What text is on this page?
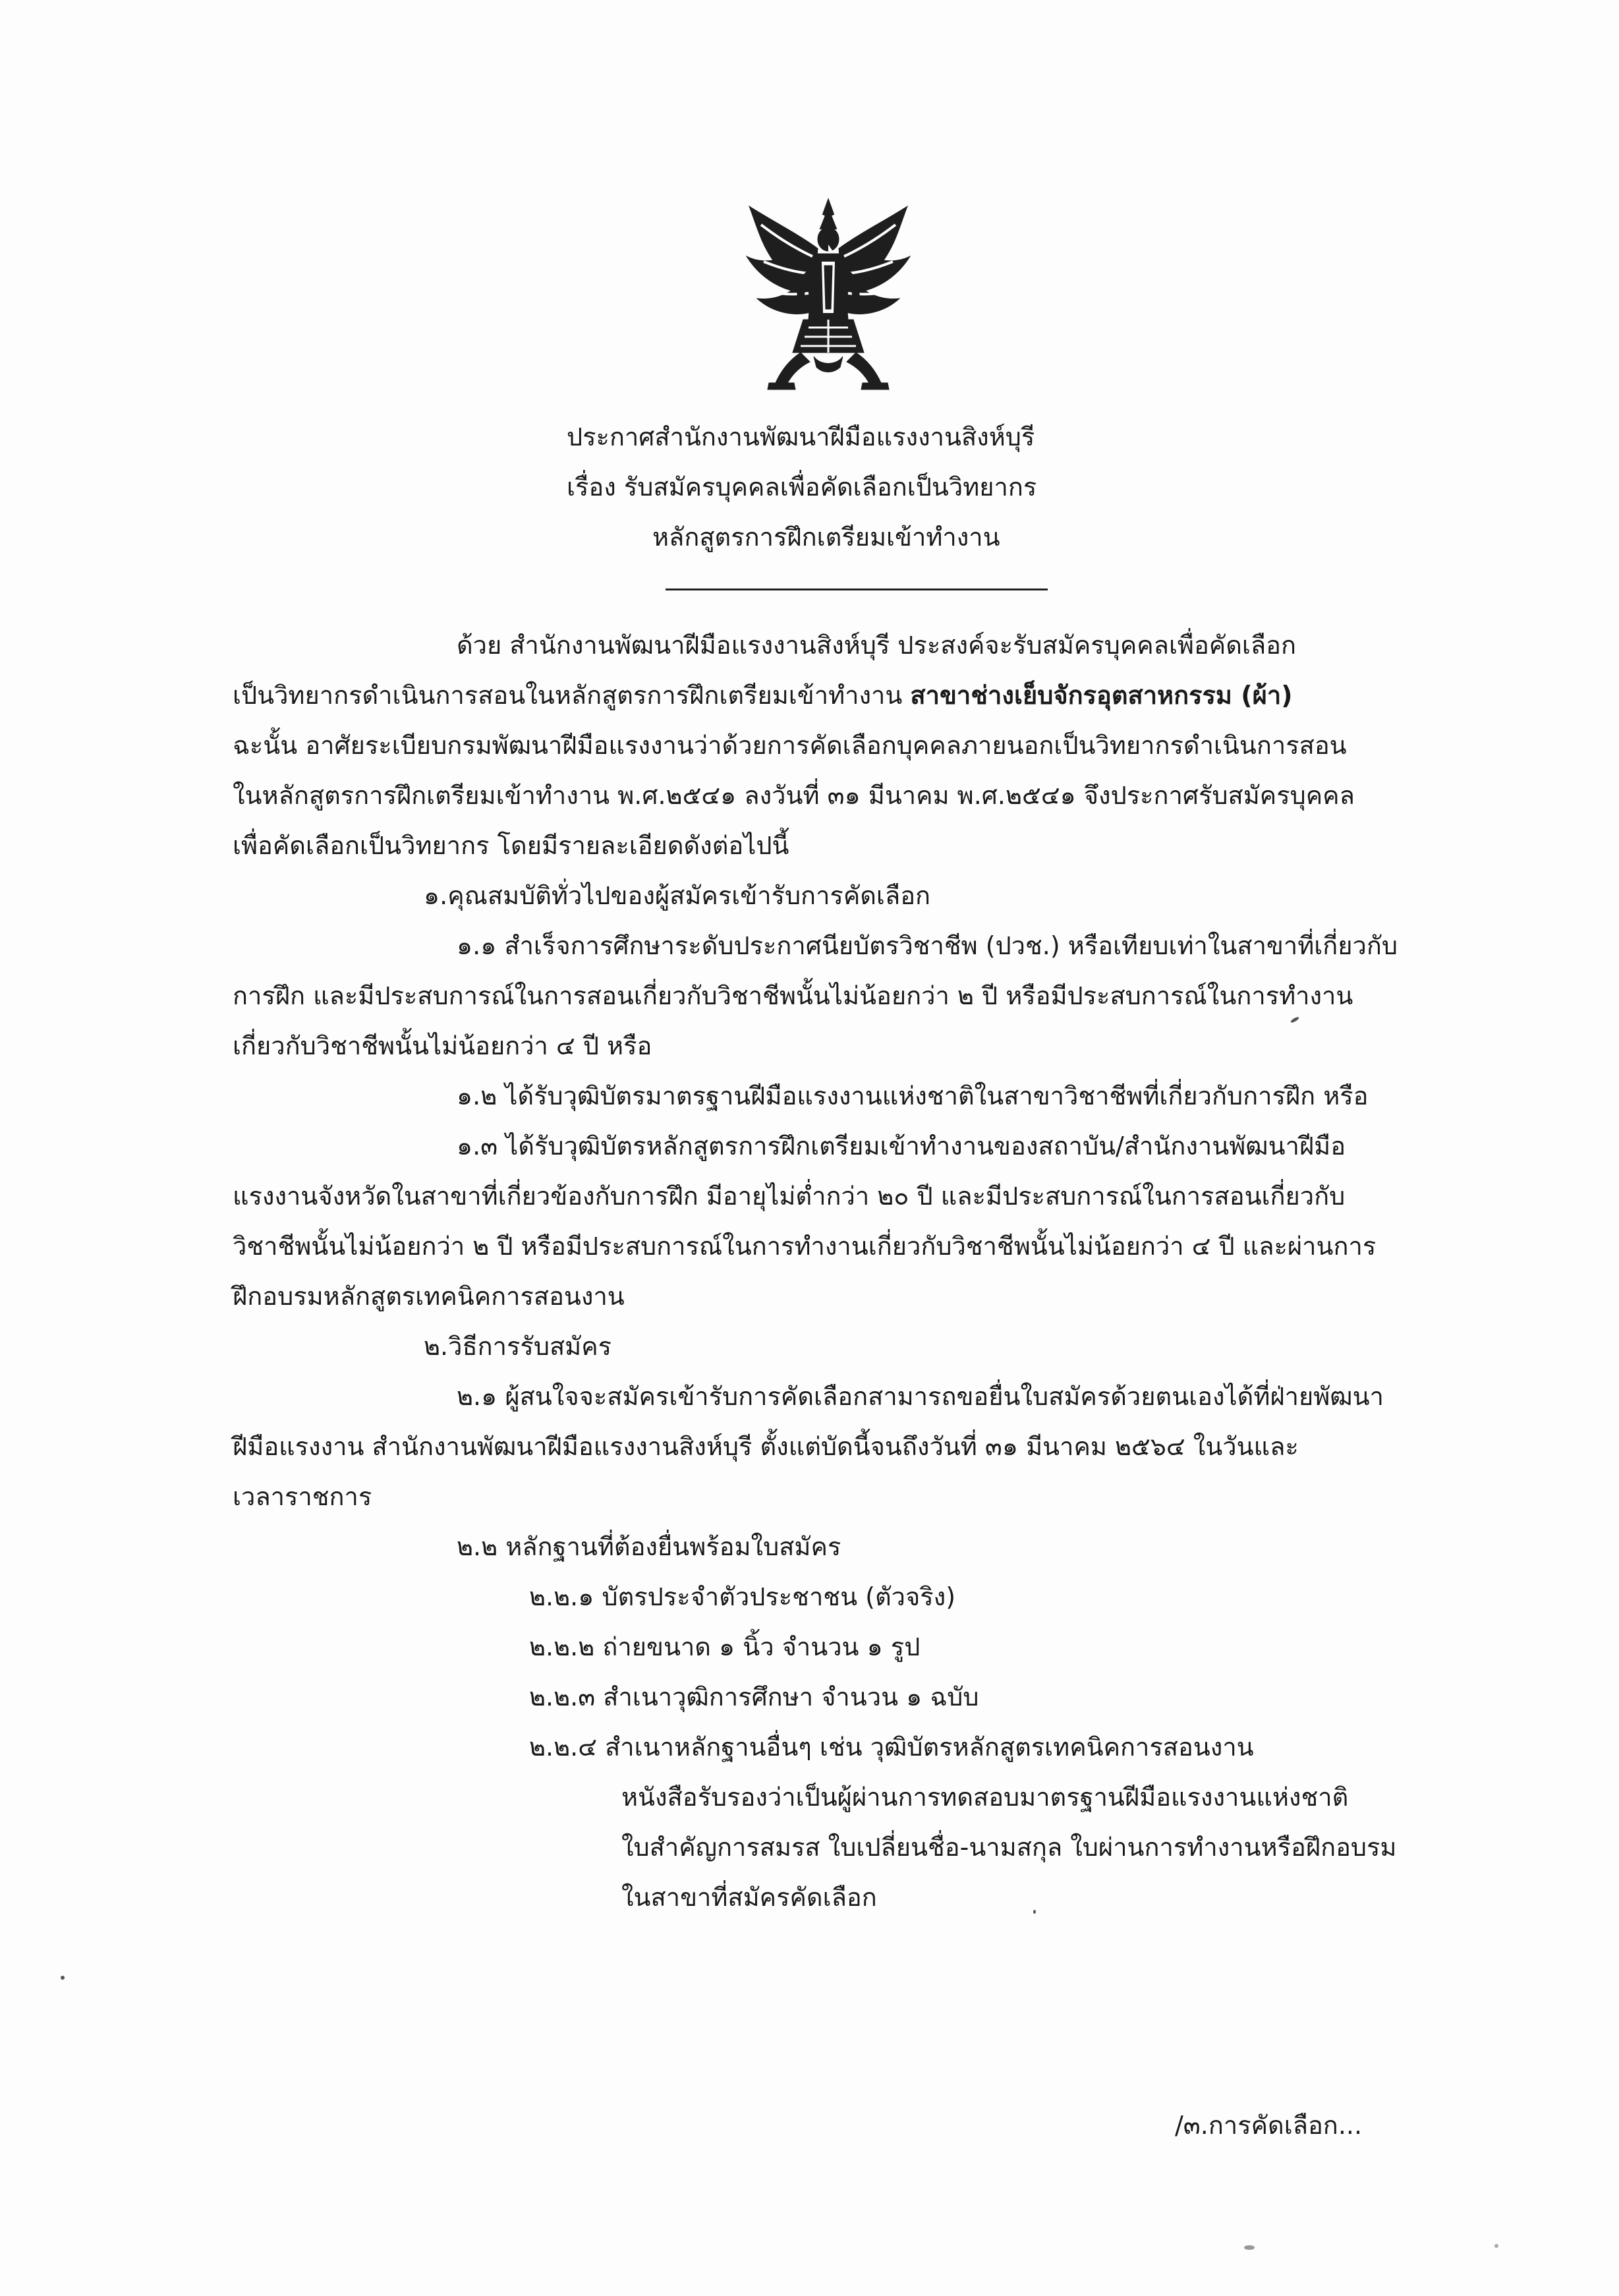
ประกาศสำนักงานพัฒนาฝีมือแรงงานสิงห์บุรี
เรื่อง รับสมัครบุคคลเพื่อคัดเลือกเป็นวิทยากร
หลักสูตรการฝึกเตรียมเข้าทำงาน
ด้วย สำนักงานพัฒนาฝีมือแรงงานสิงห์บุรี ประสงค์จะรับสมัครบุคคลเพื่อคัดเลือก
เป็นวิทยากรดำเนินการสอนในหลักสูตรการฝึกเตรียมเข้าทำงาน สาขาช่างเย็บจักรอุตสาหกรรม (ผ้า)
ฉะนั้น อาศัยระเบียบกรมพัฒนาฝีมือแรงงานว่าด้วยการคัดเลือกบุคคลภายนอกเป็นวิทยากรดำเนินการสอน
ในหลักสูตรการฝึกเตรียมเข้าทำงาน พ.ศ.๒๕๔๑ ลงวันที่ ๓๑ มีนาคม พ.ศ.๒๕๔๑ จึงประกาศรับสมัครบุคคล
เพื่อคัดเลือกเป็นวิทยากร โดยมีรายละเอียดดังต่อไปนี้
๑.คุณสมบัติทั่วไปของผู้สมัครเข้ารับการคัดเลือก
๑.๑ สำเร็จการศึกษาระดับประกาศนียบัตรวิชาชีพ (ปวช.) หรือเทียบเท่าในสาขาที่เกี่ยวกับ
การฝึก และมีประสบการณ์ในการสอนเกี่ยวกับวิชาชีพนั้นไม่น้อยกว่า ๒ ปี หรือมีประสบการณ์ในการทำงาน
เกี่ยวกับวิชาชีพนั้นไม่น้อยกว่า ๔ ปี หรือ
๑.๒ ได้รับวุฒิบัตรมาตรฐานฝีมือแรงงานแห่งชาติในสาขาวิชาชีพที่เกี่ยวกับการฝึก หรือ
๑.๓ ได้รับวุฒิบัตรหลักสูตรการฝึกเตรียมเข้าทำงานของสถาบัน/สำนักงานพัฒนาฝีมือ
แรงงานจังหวัดในสาขาที่เกี่ยวข้องกับการฝึก มีอายุไม่ต่ำกว่า ๒๐ ปี และมีประสบการณ์ในการสอนเกี่ยวกับ
วิชาชีพนั้นไม่น้อยกว่า ๒ ปี หรือมีประสบการณ์ในการทำงานเกี่ยวกับวิชาชีพนั้นไม่น้อยกว่า ๔ ปี และผ่านการ
ฝึกอบรมหลักสูตรเทคนิคการสอนงาน
๒.วิธีการรับสมัคร
๒.๑ ผู้สนใจจะสมัครเข้ารับการคัดเลือกสามารถขอยื่นใบสมัครด้วยตนเองได้ที่ฝ่ายพัฒนา
ฝีมือแรงงาน สำนักงานพัฒนาฝีมือแรงงานสิงห์บุรี ตั้งแต่บัดนี้จนถึงวันที่ ๓๑ มีนาคม ๒๕๖๔ ในวันและ
เวลาราชการ
๒.๒ หลักฐานที่ต้องยื่นพร้อมใบสมัคร
๒.๒.๑ บัตรประจำตัวประชาชน (ตัวจริง)
๒.๒.๒ ถ่ายขนาด ๑ นิ้ว จำนวน ๑ รูป
๒.๒.๓ สำเนาวุฒิการศึกษา จำนวน ๑ ฉบับ
๒.๒.๔ สำเนาหลักฐานอื่นๆ เช่น วุฒิบัตรหลักสูตรเทคนิคการสอนงาน
หนังสือรับรองว่าเป็นผู้ผ่านการทดสอบมาตรฐานฝีมือแรงงานแห่งชาติ
ใบสำคัญการสมรส ใบเปลี่ยนชื่อ-นามสกุล ใบผ่านการทำงานหรือฝึกอบรม
ในสาขาที่สมัครคัดเลือก
/๓.การคัดเลือก...
